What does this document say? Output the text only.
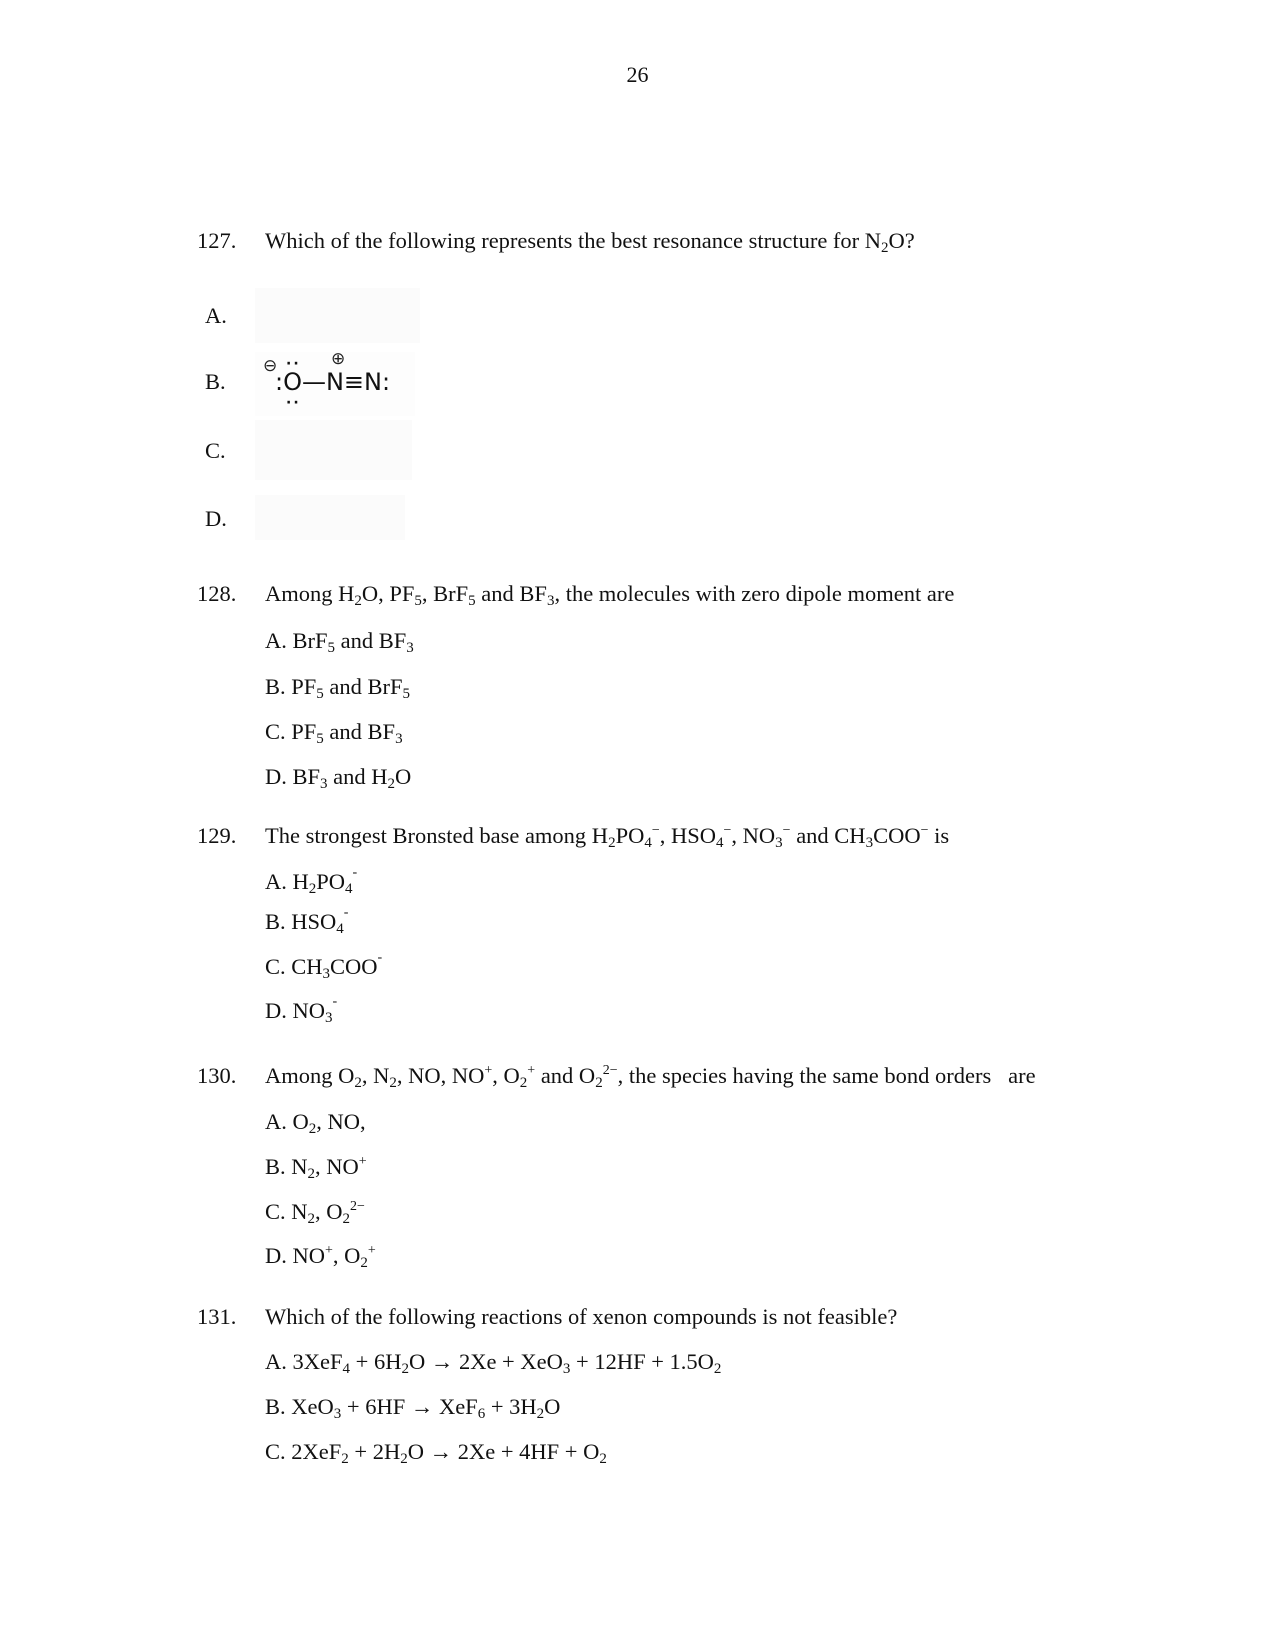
26
127. Which of the following represents the best resonance structure for $N_2O$?
A.
B.
⊖ ·· ⊕
:O—N≡N:
··
C.
D.
128. Among $H_2O$, $PF_5$, BrF$_5$ and $BF_3$, the molecules with zero dipole moment are
A. BrF$_5$ and $BF_3$
B. $PF_5$ and BrF$_5$
C. $PF_5$ and $BF_3$
D. $BF_3$ and $H_2O$
129. The strongest Bronsted base among $H_2PO_4^-$, $HSO_4^-$, $NO_3^-$ and $CH_3COO^-$ is
A. $H_2PO_4^-$
B. $HSO_4^-$
C. $CH_3COO^-$
D. $NO_3^-$
130. Among $O_2$, $N_2$, NO, NO+, $O_2^+$ and $O_2^{2-}$, the species having the same bond orders   are
A. $O_2$, NO,
B. $N_2$, NO+
C. $N_2$, $O_2^{2-}$
D. NO+, $O_2^+$
131. Which of the following reactions of xenon compounds is not feasible?
A. $3XeF_4 + 6H_2O \to 2Xe + XeO_3 + 12HF + 1.5O_2$
B. $XeO_3 + 6HF \to XeF_6 + 3H_2O$
C. $2XeF_2 + 2H_2O \to 2Xe + 4HF + O_2$
